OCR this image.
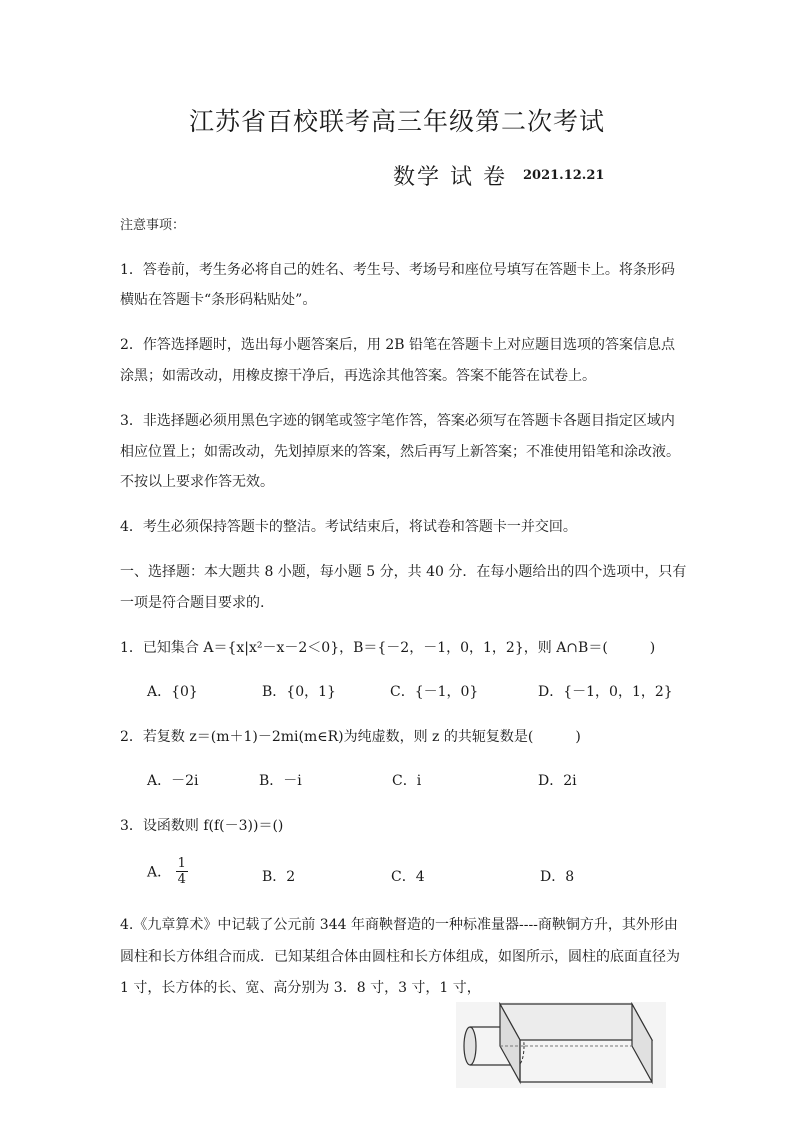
江苏省百校联考高三年级第二次考试
数学 试 卷 2021.12.21
注意事项：
1．答卷前，考生务必将自己的姓名、考生号、考场号和座位号填写在答题卡上。将条形码
横贴在答题卡“条形码粘贴处”。
2．作答选择题时，选出每小题答案后，用 2B 铅笔在答题卡上对应题目选项的答案信息点
涂黑；如需改动，用橡皮擦干净后，再选涂其他答案。答案不能答在试卷上。
3．非选择题必须用黑色字迹的钢笔或签字笔作答，答案必须写在答题卡各题目指定区域内
相应位置上；如需改动，先划掉原来的答案，然后再写上新答案；不准使用铅笔和涂改液。
不按以上要求作答无效。
4．考生必须保持答题卡的整洁。考试结束后，将试卷和答题卡一并交回。
一、选择题：本大题共 8 小题，每小题 5 分，共 40 分．在每小题给出的四个选项中，只有
一项是符合题目要求的.
1．已知集合 A＝{x|x²－x－2＜0}，B＝{－2，－1，0，1，2}，则 A∩B＝(　　　)
A．{0}	B．{0，1}	C．{－1，0}	D．{－1，0，1，2}
2．若复数 z＝(m＋1)－2mi(m∈R)为纯虚数，则 z 的共轭复数是(　　　)
A．－2i	B．－i	C．i	D．2i
3．设函数则 f(f(－3))＝()
A． $\frac{1}{4}$	B．2	C．4	D．8
4.《九章算术》中记载了公元前 344 年商鞅督造的一种标准量器----商鞅铜方升，其外形由
圆柱和长方体组合而成．已知某组合体由圆柱和长方体组成，如图所示，圆柱的底面直径为
1 寸，长方体的长、宽、高分别为 3．8 寸，3 寸，1 寸，
